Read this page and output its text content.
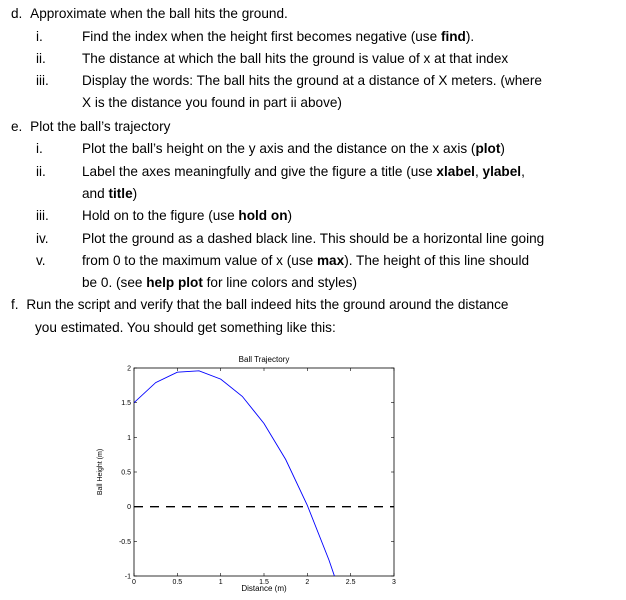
d. Approximate when the ball hits the ground.
i.	Find the index when the height first becomes negative (use find).
ii.	The distance at which the ball hits the ground is value of x at that index
iii. Display the words: The ball hits the ground at a distance of X meters. (where
X is the distance you found in part ii above)
e. Plot the ball’s trajectory
i.	Plot the ball’s height on the y axis and the distance on the x axis (plot)
ii.	Label the axes meaningfully and give the figure a title (use xlabel, ylabel,
and title)
iii. Hold on to the figure (use hold on)
iv. Plot the ground as a dashed black line. This should be a horizontal line going
v.	from 0 to the maximum value of x (use max). The height of this line should
be 0. (see help plot for line colors and styles)
f. Run the script and verify that the ball indeed hits the ground around the distance
you estimated. You should get something like this:
Ball Trajectory
Ball Height (m)
Distance (m)
0	0.5	1	1.5	2	2.5	3
-1
-0.5
0
0.5
1
1.5
2
